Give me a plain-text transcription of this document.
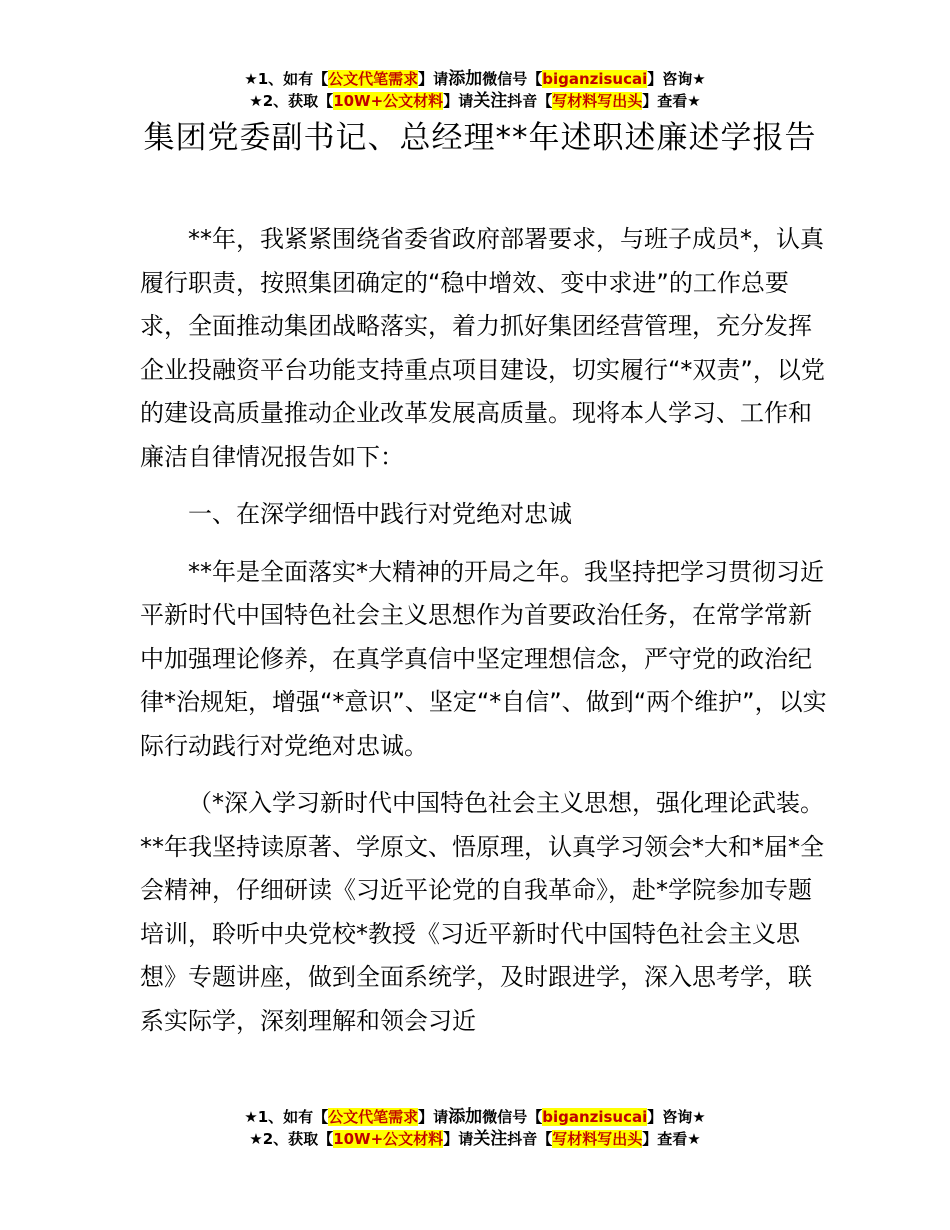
★1、如有【公文代笔需求】请添加微信号【biganzisucai】咨询★
★2、获取【10W+公文材料】请关注抖音【写材料写出头】查看★
集团党委副书记、总经理**年述职述廉述学报告

**年，我紧紧围绕省委省政府部署要求，与班子成员*，认真履行职责，按照集团确定的“稳中增效、变中求进”的工作总要求，全面推动集团战略落实，着力抓好集团经营管理，充分发挥企业投融资平台功能支持重点项目建设，切实履行“*双责”，以党的建设高质量推动企业改革发展高质量。现将本人学习、工作和廉洁自律情况报告如下：

一、在深学细悟中践行对党绝对忠诚

**年是全面落实*大精神的开局之年。我坚持把学习贯彻习近平新时代中国特色社会主义思想作为首要政治任务，在常学常新中加强理论修养，在真学真信中坚定理想信念，严守党的政治纪律*治规矩，增强“*意识”、坚定“*自信”、做到“两个维护”，以实际行动践行对党绝对忠诚。

（*深入学习新时代中国特色社会主义思想，强化理论武装。**年我坚持读原著、学原文、悟原理，认真学习领会*大和*届*全会精神，仔细研读《习近平论党的自我革命》，赴*学院参加专题培训，聆听中央党校*教授《习近平新时代中国特色社会主义思想》专题讲座，做到全面系统学，及时跟进学，深入思考学，联系实际学，深刻理解和领会习近

★1、如有【公文代笔需求】请添加微信号【biganzisucai】咨询★
★2、获取【10W+公文材料】请关注抖音【写材料写出头】查看★
